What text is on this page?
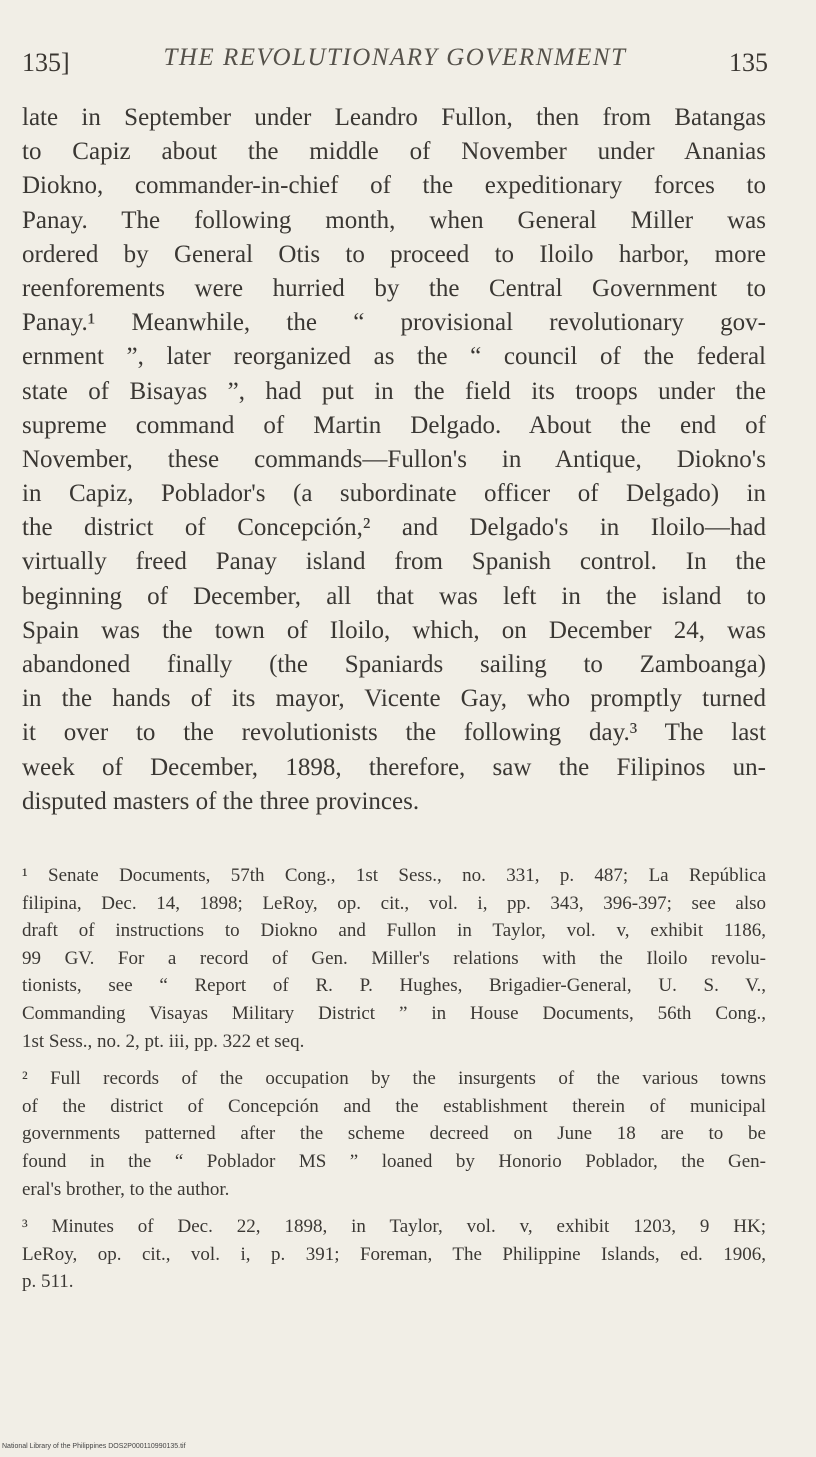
135]	THE REVOLUTIONARY GOVERNMENT	135
late in September under Leandro Fullon, then from Batangas
to Capiz about the middle of November under Ananias
Diokno, commander-in-chief of the expeditionary forces to
Panay. The following month, when General Miller was
ordered by General Otis to proceed to Iloilo harbor, more
reenforements were hurried by the Central Government to
Panay.¹ Meanwhile, the “ provisional revolutionary gov-
ernment ”, later reorganized as the “ council of the federal
state of Bisayas ”, had put in the field its troops under the
supreme command of Martin Delgado. About the end of
November, these commands—Fullon's in Antique, Diokno's
in Capiz, Poblador's (a subordinate officer of Delgado) in
the district of Concepción,² and Delgado's in Iloilo—had
virtually freed Panay island from Spanish control. In the
beginning of December, all that was left in the island to
Spain was the town of Iloilo, which, on December 24, was
abandoned finally (the Spaniards sailing to Zamboanga)
in the hands of its mayor, Vicente Gay, who promptly turned
it over to the revolutionists the following day.³ The last
week of December, 1898, therefore, saw the Filipinos un-
disputed masters of the three provinces.
¹ Senate Documents, 57th Cong., 1st Sess., no. 331, p. 487; La República
filipina, Dec. 14, 1898; LeRoy, op. cit., vol. i, pp. 343, 396-397; see also
draft of instructions to Diokno and Fullon in Taylor, vol. v, exhibit 1186,
99 GV. For a record of Gen. Miller's relations with the Iloilo revolu-
tionists, see “ Report of R. P. Hughes, Brigadier-General, U. S. V.,
Commanding Visayas Military District ” in House Documents, 56th Cong.,
1st Sess., no. 2, pt. iii, pp. 322 et seq.
² Full records of the occupation by the insurgents of the various towns
of the district of Concepción and the establishment therein of municipal
governments patterned after the scheme decreed on June 18 are to be
found in the “ Poblador MS ” loaned by Honorio Poblador, the Gen-
eral's brother, to the author.
³ Minutes of Dec. 22, 1898, in Taylor, vol. v, exhibit 1203, 9 HK;
LeRoy, op. cit., vol. i, p. 391; Foreman, The Philippine Islands, ed. 1906,
p. 511.
National Library of the Philippines DOS2P000110990135.tif
